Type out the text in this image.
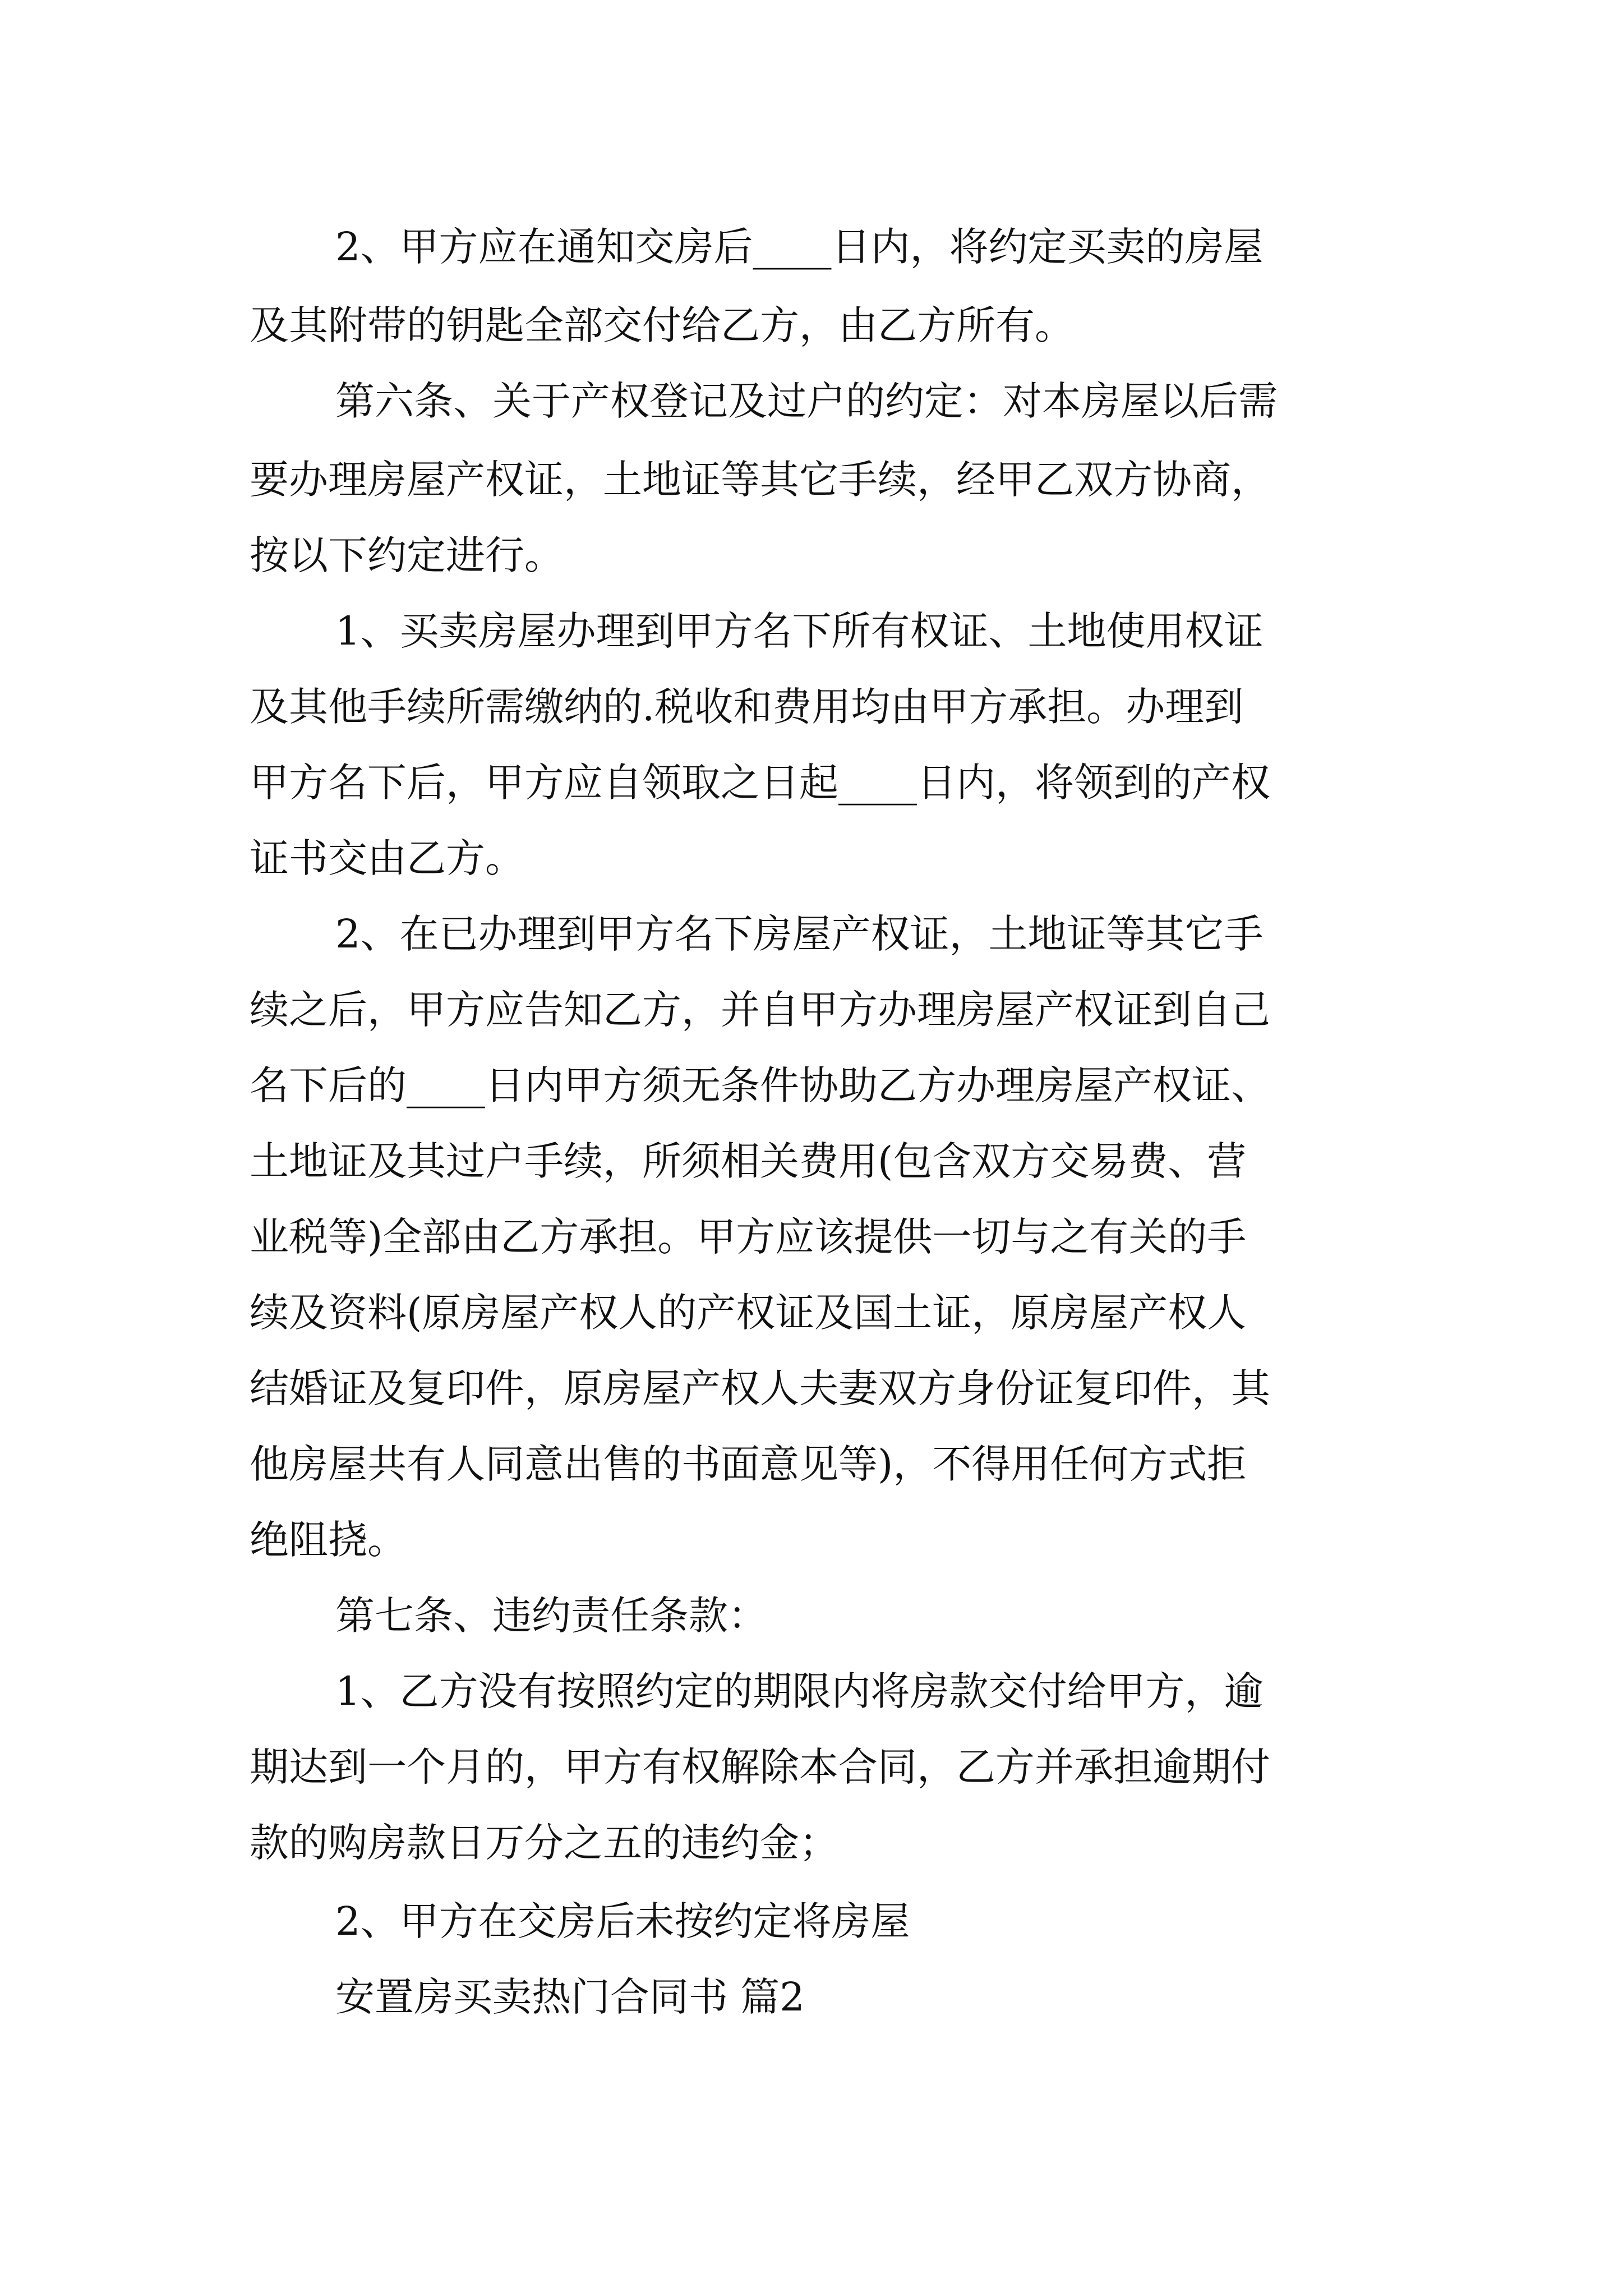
2、甲方应在通知交房后____日内，将约定买卖的房屋

及其附带的钥匙全部交付给乙方，由乙方所有。

第六条、关于产权登记及过户的约定：对本房屋以后需

要办理房屋产权证，土地证等其它手续，经甲乙双方协商，

按以下约定进行。

1、买卖房屋办理到甲方名下所有权证、土地使用权证

及其他手续所需缴纳的.税收和费用均由甲方承担。办理到

甲方名下后，甲方应自领取之日起____日内，将领到的产权

证书交由乙方。

2、在已办理到甲方名下房屋产权证，土地证等其它手

续之后，甲方应告知乙方，并自甲方办理房屋产权证到自己

名下后的____日内甲方须无条件协助乙方办理房屋产权证、

土地证及其过户手续，所须相关费用(包含双方交易费、营

业税等)全部由乙方承担。甲方应该提供一切与之有关的手

续及资料(原房屋产权人的产权证及国土证，原房屋产权人

结婚证及复印件，原房屋产权人夫妻双方身份证复印件，其

他房屋共有人同意出售的书面意见等)，不得用任何方式拒

绝阻挠。

第七条、违约责任条款：

1、乙方没有按照约定的期限内将房款交付给甲方，逾

期达到一个月的，甲方有权解除本合同，乙方并承担逾期付

款的购房款日万分之五的违约金；

2、甲方在交房后未按约定将房屋

安置房买卖热门合同书 篇2
